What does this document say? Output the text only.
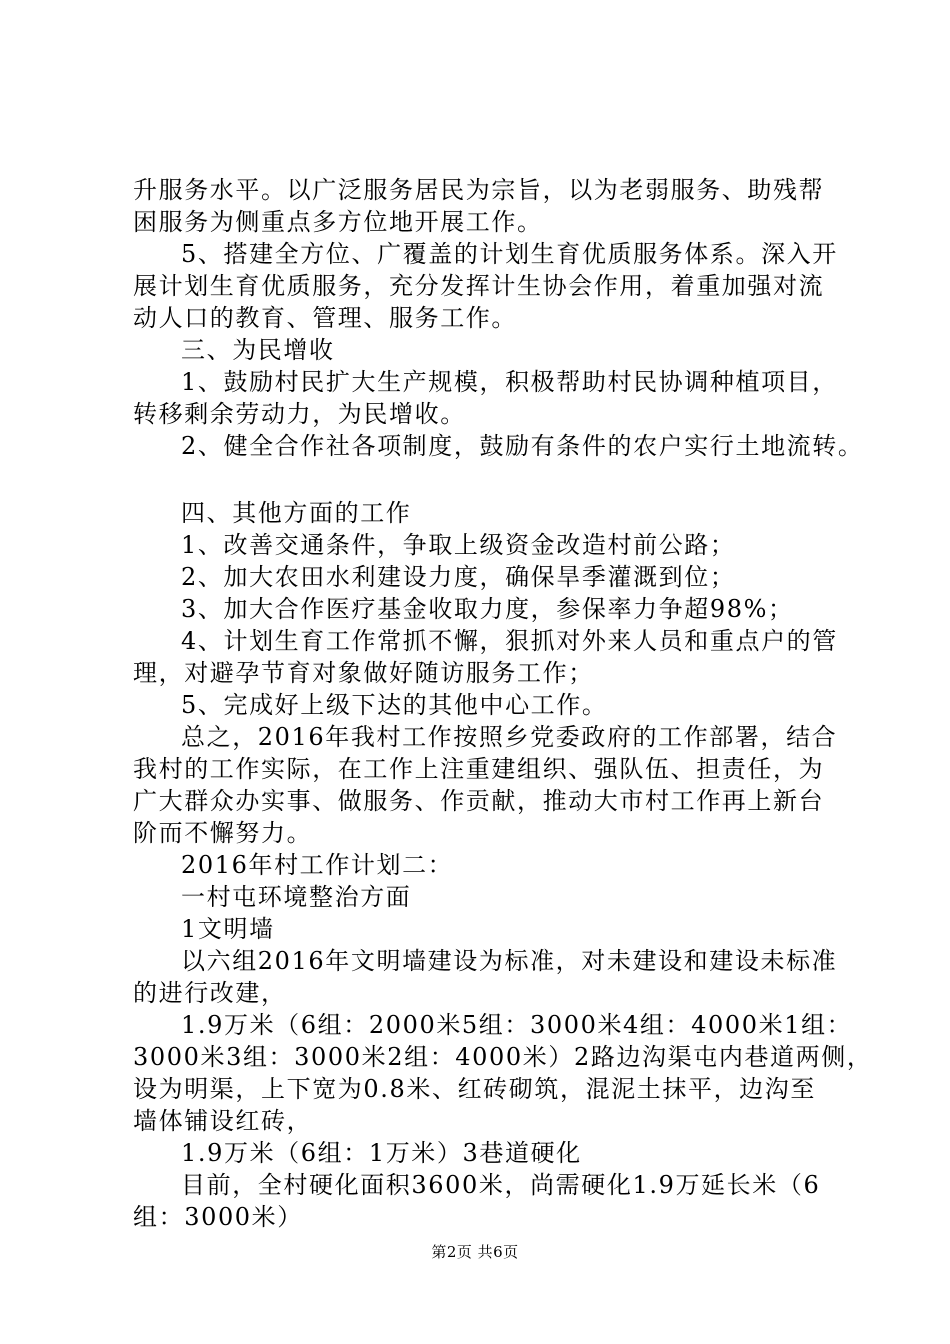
升服务水平。以广泛服务居民为宗旨，以为老弱服务、助残帮
困服务为侧重点多方位地开展工作。
5、搭建全方位、广覆盖的计划生育优质服务体系。深入开
展计划生育优质服务，充分发挥计生协会作用，着重加强对流
动人口的教育、管理、服务工作。
三、为民增收
1、鼓励村民扩大生产规模，积极帮助村民协调种植项目，
转移剩余劳动力，为民增收。
2、健全合作社各项制度，鼓励有条件的农户实行土地流转。
四、其他方面的工作
1、改善交通条件，争取上级资金改造村前公路；
2、加大农田水利建设力度，确保旱季灌溉到位；
3、加大合作医疗基金收取力度，参保率力争超98%；
4、计划生育工作常抓不懈，狠抓对外来人员和重点户的管
理，对避孕节育对象做好随访服务工作；
5、完成好上级下达的其他中心工作。
总之，2016年我村工作按照乡党委政府的工作部署，结合
我村的工作实际，在工作上注重建组织、强队伍、担责任，为
广大群众办实事、做服务、作贡献，推动大市村工作再上新台
阶而不懈努力。
2016年村工作计划二：
一村屯环境整治方面
1文明墙
以六组2016年文明墙建设为标准，对未建设和建设未标准
的进行改建，
1.9万米（6组：2000米5组：3000米4组：4000米1组：
3000米3组：3000米2组：4000米）2路边沟渠屯内巷道两侧，
设为明渠，上下宽为0.8米、红砖砌筑，混泥土抹平，边沟至
墙体铺设红砖，
1.9万米（6组：1万米）3巷道硬化
目前，全村硬化面积3600米，尚需硬化1.9万延长米（6
组：3000米）
第2页 共6页
